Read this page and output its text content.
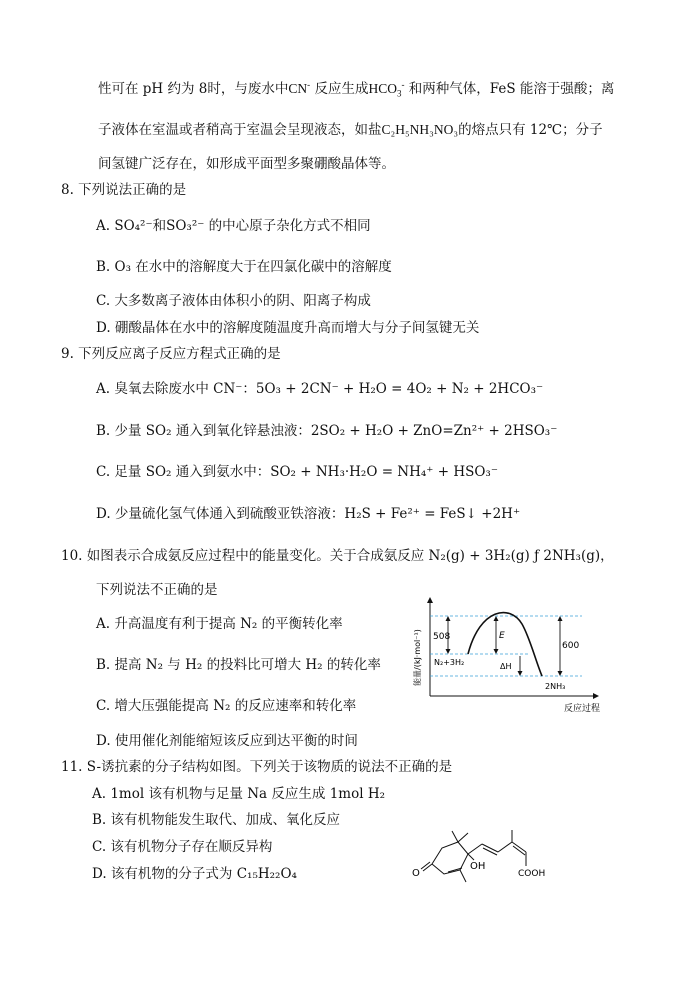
性可在 pH 约为 8时，与废水中CN- 反应生成$HCO_3^-$ 和两种气体，FeS 能溶于强酸；离
子液体在室温或者稍高于室温会呈现液态，如盐C₂H₅NH₃NO₃的熔点只有 12℃；分子
间氢键广泛存在，如形成平面型多聚硼酸晶体等。
8. 下列说法正确的是
A. SO₄²⁻和SO₃²⁻ 的中心原子杂化方式不相同
B. O₃ 在水中的溶解度大于在四氯化碳中的溶解度
C. 大多数离子液体由体积小的阴、阳离子构成
D. 硼酸晶体在水中的溶解度随温度升高而增大与分子间氢键无关
9. 下列反应离子反应方程式正确的是
A. 臭氧去除废水中 CN⁻：5O₃ + 2CN⁻ + H₂O = 4O₂ + N₂ + 2HCO₃⁻
B. 少量 SO₂ 通入到氧化锌悬浊液：2SO₂ + H₂O + ZnO=Zn²⁺ + 2HSO₃⁻
C. 足量 SO₂ 通入到氨水中：SO₂ + NH₃·H₂O = NH₄⁺ + HSO₃⁻
D. 少量硫化氢气体通入到硫酸亚铁溶液：H₂S + Fe²⁺ = FeS↓ +2H⁺
10. 如图表示合成氨反应过程中的能量变化。关于合成氨反应 N₂(g) + 3H₂(g) ƒ 2NH₃(g)，
下列说法不正确的是
A. 升高温度有利于提高 N₂ 的平衡转化率
B. 提高 N₂ 与 H₂ 的投料比可增大 H₂ 的转化率
C. 增大压强能提高 N₂ 的反应速率和转化率
D. 使用催化剂能缩短该反应到达平衡的时间
508	E
600
N₂+3H₂	ΔH
2NH₃
反应过程
能量/(kJ·mol⁻¹)
11. S-诱抗素的分子结构如图。下列关于该物质的说法不正确的是
A. 1mol 该有机物与足量 Na 反应生成 1mol H₂
B. 该有机物能发生取代、加成、氧化反应
C. 该有机物分子存在顺反异构
D. 该有机物的分子式为 C₁₅H₂₂O₄	O
OH
COOH
